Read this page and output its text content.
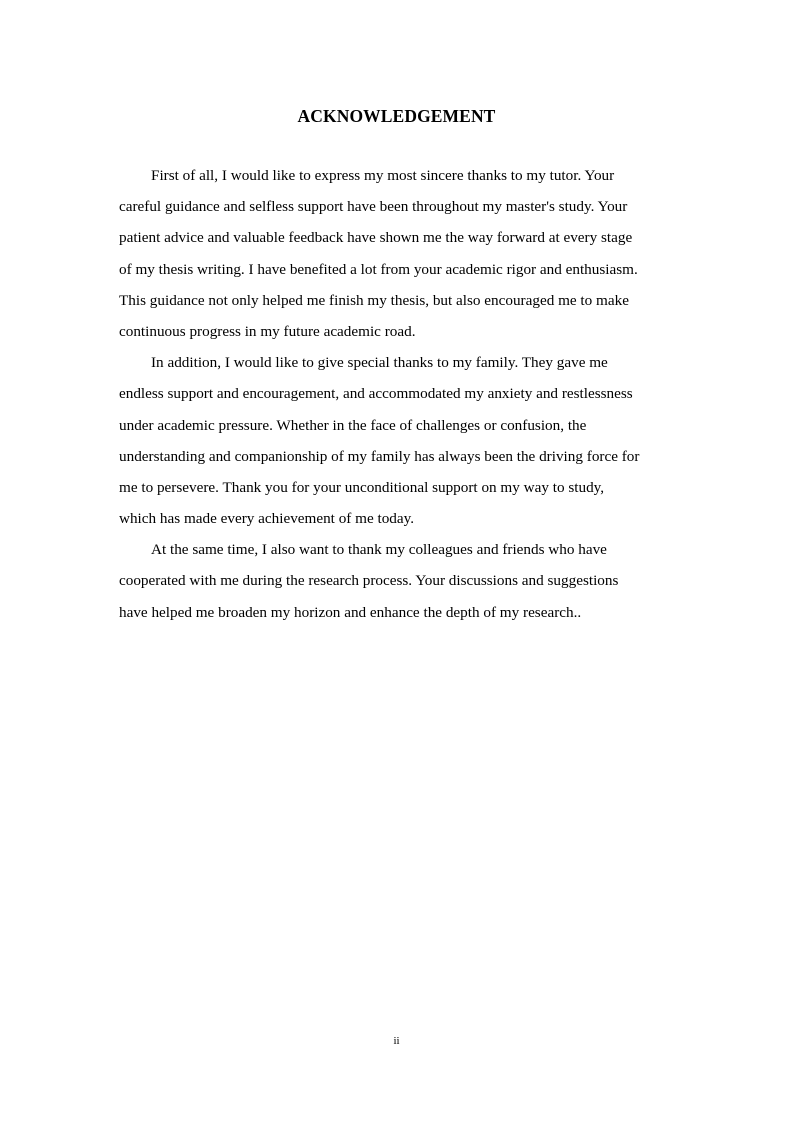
ACKNOWLEDGEMENT
First of all, I would like to express my most sincere thanks to my tutor. Your
careful guidance and selfless support have been throughout my master's study. Your
patient advice and valuable feedback have shown me the way forward at every stage
of my thesis writing. I have benefited a lot from your academic rigor and enthusiasm.
This guidance not only helped me finish my thesis, but also encouraged me to make
continuous progress in my future academic road.
In addition, I would like to give special thanks to my family. They gave me
endless support and encouragement, and accommodated my anxiety and restlessness
under academic pressure. Whether in the face of challenges or confusion, the
understanding and companionship of my family has always been the driving force for
me to persevere. Thank you for your unconditional support on my way to study,
which has made every achievement of me today.
At the same time, I also want to thank my colleagues and friends who have
cooperated with me during the research process. Your discussions and suggestions
have helped me broaden my horizon and enhance the depth of my research..
ii
